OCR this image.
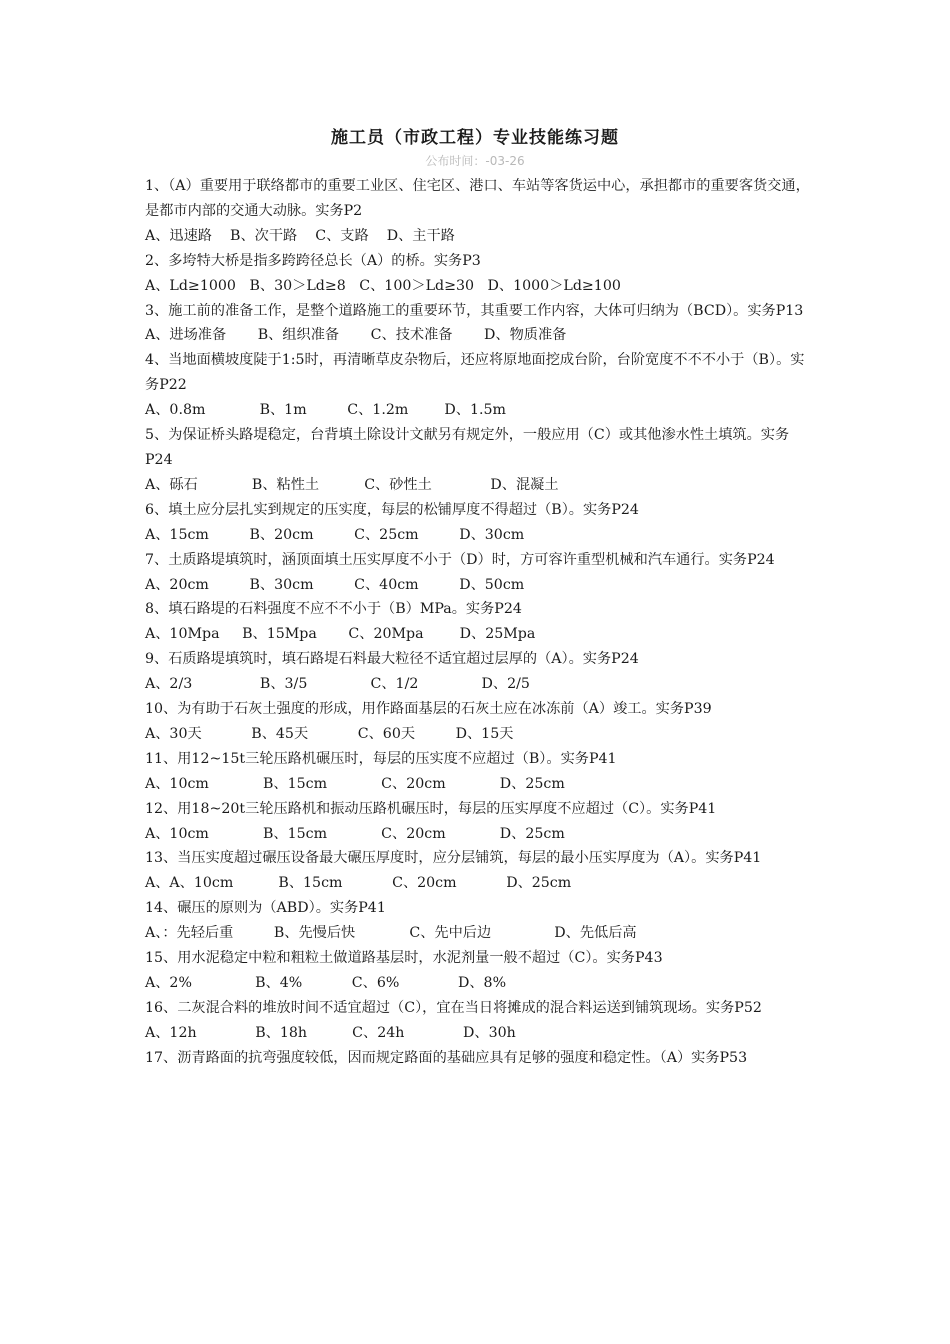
施工员（市政工程）专业技能练习题
公布时间：-03-26

1、（A）重要用于联络都市的重要工业区、住宅区、港口、车站等客货运中心，承担都市的重要客货交通，是都市内部的交通大动脉。实务P2

A、迅速路    B、次干路    C、支路    D、主干路

2、多垮特大桥是指多跨跨径总长（A）的桥。实务P3

A、Ld≥1000   B、30＞Ld≥8   C、100＞Ld≥30   D、1000＞Ld≥100

3、施工前的准备工作，是整个道路施工的重要环节，其重要工作内容，大体可归纳为（BCD）。实务P13

A、进场准备       B、组织准备       C、技术准备       D、物质准备

4、当地面横坡度陡于1:5时，再清晰草皮杂物后，还应将原地面挖成台阶，台阶宽度不不不小于（B）。实务P22

A、0.8m            B、1m         C、1.2m        D、1.5m

5、为保证桥头路堤稳定，台背填土除设计文献另有规定外，一般应用（C）或其他渗水性土填筑。实务P24

A、砾石            B、粘性土          C、砂性土             D、混凝土

6、填土应分层扎实到规定的压实度，每层的松铺厚度不得超过（B）。实务P24

A、15cm         B、20cm         C、25cm         D、30cm

7、土质路堤填筑时，涵顶面填土压实厚度不小于（D）时，方可容许重型机械和汽车通行。实务P24

A、20cm         B、30cm         C、40cm         D、50cm

8、填石路堤的石料强度不应不不小于（B）MPa。实务P24

A、10Mpa     B、15Mpa       C、20Mpa        D、25Mpa

9、石质路堤填筑时，填石路堤石料最大粒径不适宜超过层厚的（A）。实务P24

A、2/3               B、3/5              C、1/2              D、2/5

10、为有助于石灰土强度的形成，用作路面基层的石灰土应在冰冻前（A）竣工。实务P39

A、30天           B、45天           C、60天         D、15天

11、用12~15t三轮压路机碾压时，每层的压实度不应超过（B）。实务P41

A、10cm            B、15cm            C、20cm            D、25cm

12、用18~20t三轮压路机和振动压路机碾压时，每层的压实厚度不应超过（C）。实务P41

A、10cm            B、15cm            C、20cm            D、25cm

13、当压实度超过碾压设备最大碾压厚度时，应分层铺筑，每层的最小压实厚度为（A）。实务P41

A、A、10cm          B、15cm           C、20cm           D、25cm

14、碾压的原则为（ABD）。实务P41

A、：先轻后重         B、先慢后快            C、先中后边              D、先低后高

15、用水泥稳定中粒和粗粒土做道路基层时，水泥剂量一般不超过（C）。实务P43

A、2%              B、4%           C、6%             D、8%

16、二灰混合料的堆放时间不适宜超过（C），宜在当日将摊成的混合料运送到铺筑现场。实务P52

A、12h             B、18h          C、24h             D、30h

17、沥青路面的抗弯强度较低，因而规定路面的基础应具有足够的强度和稳定性。（A）实务P53
